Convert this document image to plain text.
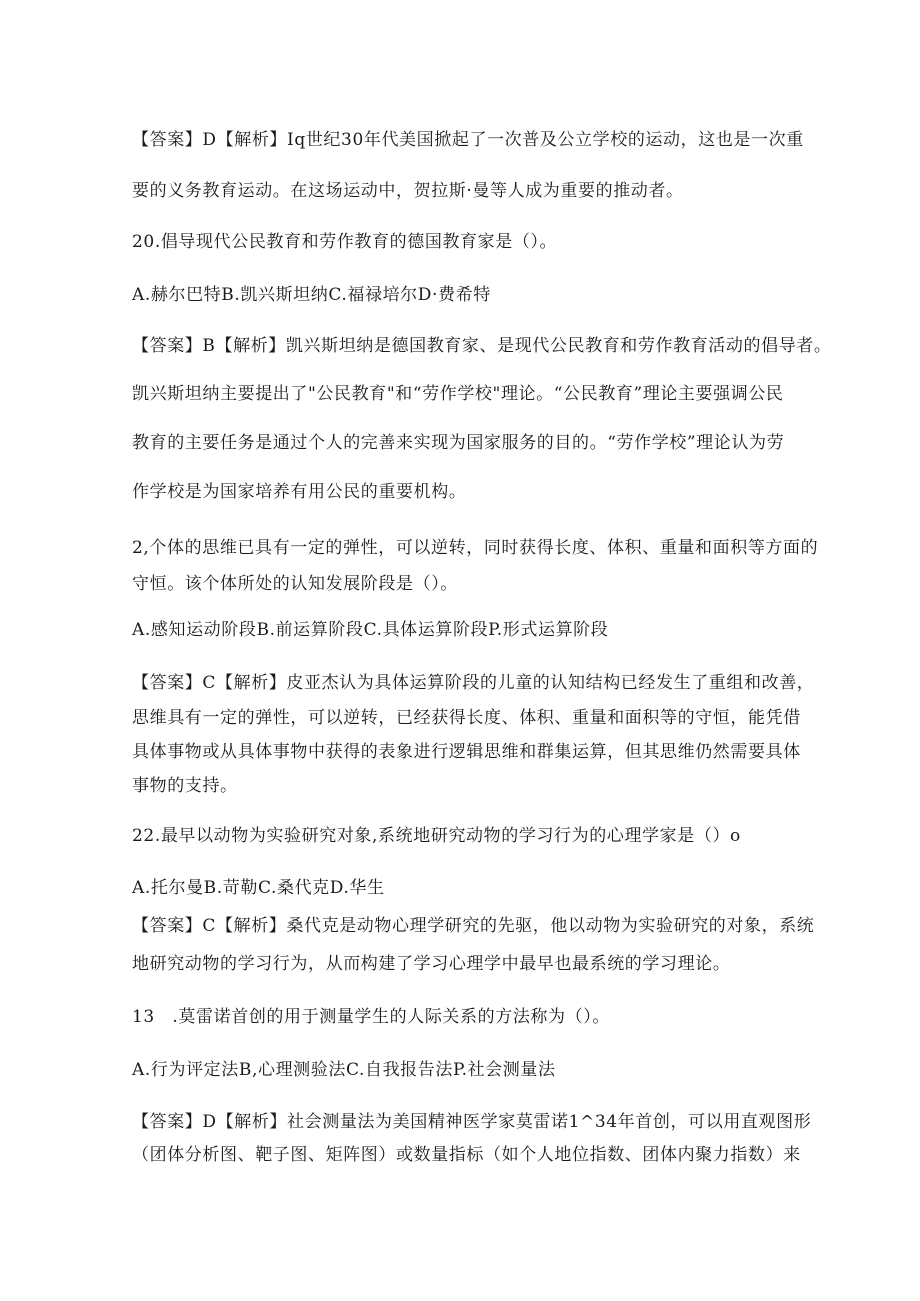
【答案】D【解析】Iq世纪30年代美国掀起了一次普及公立学校的运动，这也是一次重
要的义务教育运动。在这场运动中，贺拉斯·曼等人成为重要的推动者。
20.倡导现代公民教育和劳作教育的德国教育家是（）。
A.赫尔巴特B.凯兴斯坦纳C.福禄培尔D·费希特
【答案】B【解析】凯兴斯坦纳是德国教育家、是现代公民教育和劳作教育活动的倡导者。
凯兴斯坦纳主要提出了"公民教育"和“劳作学校"理论。“公民教育”理论主要强调公民
教育的主要任务是通过个人的完善来实现为国家服务的目的。“劳作学校”理论认为劳
作学校是为国家培养有用公民的重要机构。
2,个体的思维已具有一定的弹性，可以逆转，同时获得长度、体积、重量和面积等方面的
守恒。该个体所处的认知发展阶段是（）。
A.感知运动阶段B.前运算阶段C.具体运算阶段P.形式运算阶段
【答案】C【解析】皮亚杰认为具体运算阶段的儿童的认知结构已经发生了重组和改善，
思维具有一定的弹性，可以逆转，已经获得长度、体积、重量和面积等的守恒，能凭借
具体事物或从具体事物中获得的表象进行逻辑思维和群集运算，但其思维仍然需要具体
事物的支持。
22.最早以动物为实验研究对象,系统地研究动物的学习行为的心理学家是（）o
A.托尔曼B.苛勒C.桑代克D.华生
【答案】C【解析】桑代克是动物心理学研究的先驱，他以动物为实验研究的对象，系统
地研究动物的学习行为，从而构建了学习心理学中最早也最系统的学习理论。
13　.莫雷诺首创的用于测量学生的人际关系的方法称为（）。
A.行为评定法B,心理测验法C.自我报告法P.社会测量法
【答案】D【解析】社会测量法为美国精神医学家莫雷诺1^34年首创，可以用直观图形
（团体分析图、靶子图、矩阵图）或数量指标（如个人地位指数、团体内聚力指数）来
